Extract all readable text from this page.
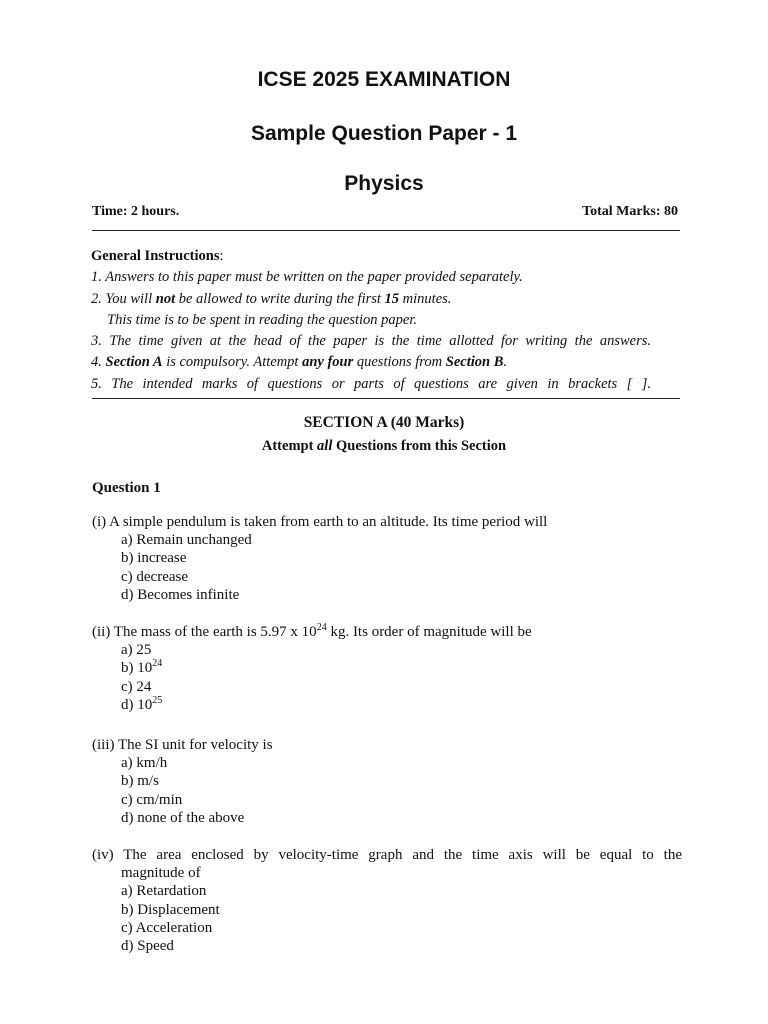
ICSE 2025 EXAMINATION
Sample Question Paper - 1
Physics
Time: 2 hours.	Total Marks: 80
General Instructions:
1. Answers to this paper must be written on the paper provided separately.
2. You will not be allowed to write during the first 15 minutes.
This time is to be spent in reading the question paper.
3. The time given at the head of the paper is the time allotted for writing the answers.
4. Section A is compulsory. Attempt any four questions from Section B.
5. The intended marks of questions or parts of questions are given in brackets [ ].
SECTION A (40 Marks)
Attempt all Questions from this Section
Question 1
(i) A simple pendulum is taken from earth to an altitude. Its time period will
a) Remain unchanged
b) increase
c) decrease
d) Becomes infinite
(ii) The mass of the earth is 5.97 x $10^{24}$ kg. Its order of magnitude will be
a) 25
b) $10^{24}$
c) 24
d) $10^{25}$
(iii) The SI unit for velocity is
a) km/h
b) m/s
c) cm/min
d) none of the above
(iv) The area enclosed by velocity-time graph and the time axis will be equal to the
magnitude of
a) Retardation
b) Displacement
c) Acceleration
d) Speed
